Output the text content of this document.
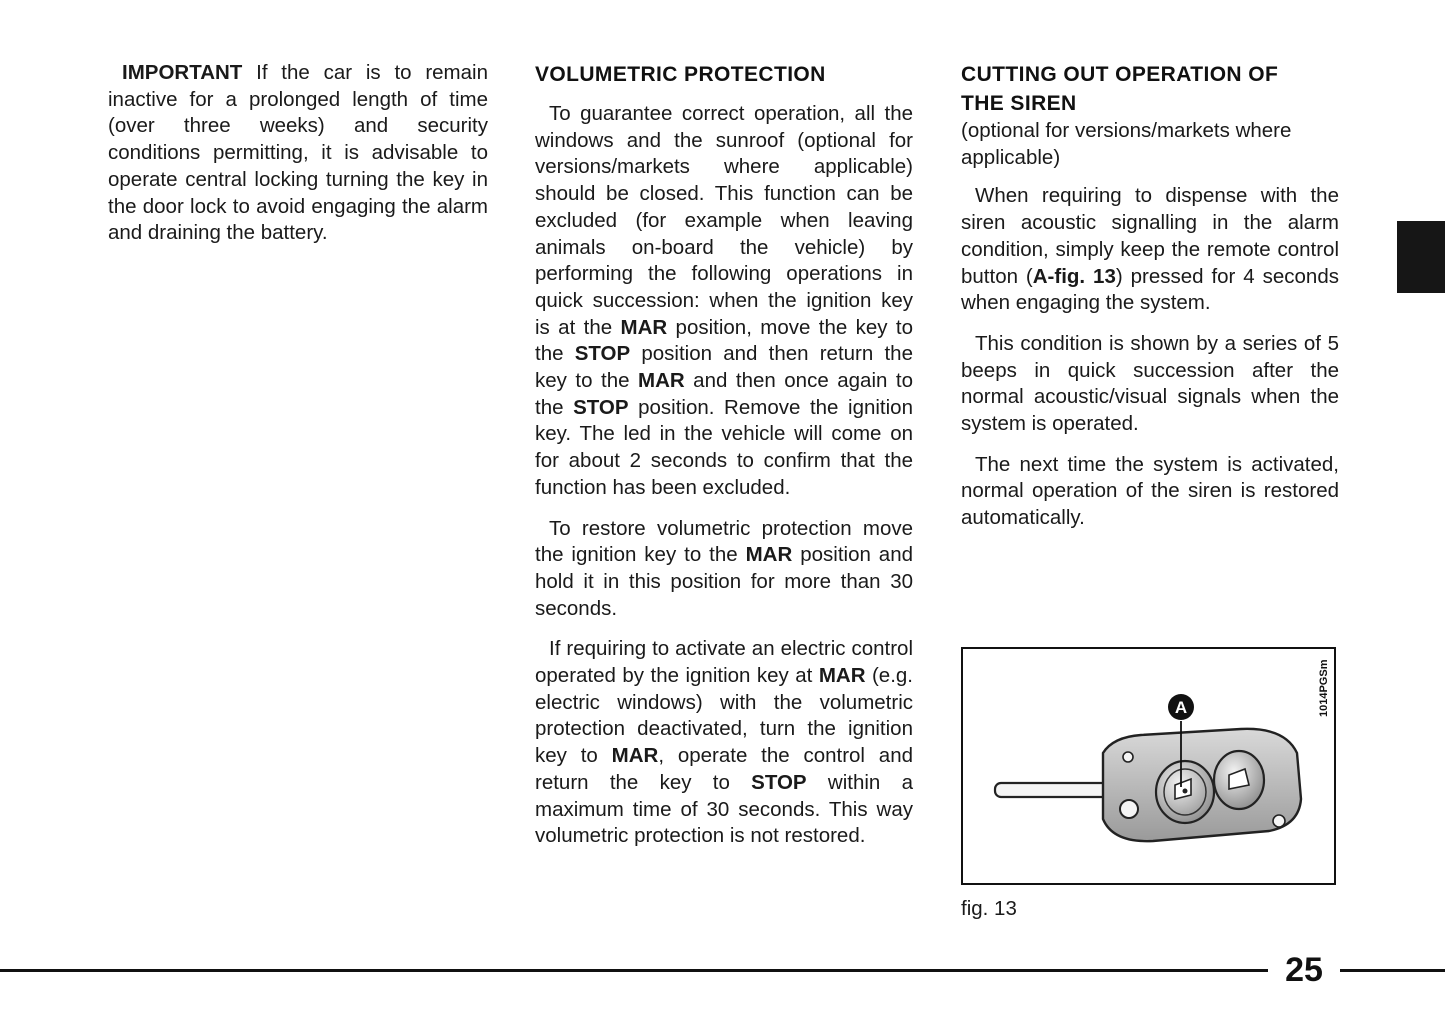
IMPORTANT If the car is to remain inactive for a prolonged length of time (over three weeks) and security conditions permitting, it is advisable to operate central locking turning the key in the door lock to avoid engaging the alarm and draining the battery.

VOLUMETRIC PROTECTION

To guarantee correct operation, all the windows and the sunroof (optional for versions/markets where applicable) should be closed. This function can be excluded (for example when leaving animals on-board the vehicle) by performing the following operations in quick succession: when the ignition key is at the MAR position, move the key to the STOP position and then return the key to the MAR and then once again to the STOP position. Remove the ignition key. The led in the vehicle will come on for about 2 seconds to confirm that the function has been excluded.

To restore volumetric protection move the ignition key to the MAR position and hold it in this position for more than 30 seconds.

If requiring to activate an electric control operated by the ignition key at MAR (e.g. electric windows) with the volumetric protection deactivated, turn the ignition key to MAR, operate the control and return the key to STOP within a maximum time of 30 seconds. This way volumetric protection is not restored.

CUTTING OUT OPERATION OF
THE SIREN

(optional for versions/markets where applicable)

When requiring to dispense with the siren acoustic signalling in the alarm condition, simply keep the remote control button (A-fig. 13) pressed for 4 seconds when engaging the system.

This condition is shown by a series of 5 beeps in quick succession after the normal acoustic/visual signals when the system is operated.

The next time the system is activated, normal operation of the siren is restored automatically.

1014PGSm
A
fig. 13
25
